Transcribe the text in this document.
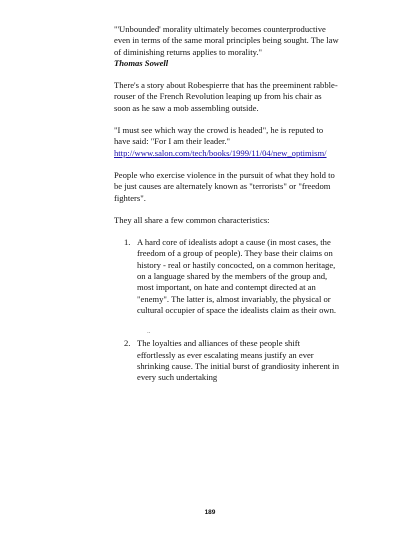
"'Unbounded' morality ultimately becomes counterproductive even in terms of the same moral principles being sought. The law of diminishing returns applies to morality."
Thomas Sowell

There's a story about Robespierre that has the preeminent rabble-rouser of the French Revolution leaping up from his chair as soon as he saw a mob assembling outside.

"I must see which way the crowd is headed", he is reputed to have said: "For I am their leader."
http://www.salon.com/tech/books/1999/11/04/new_optimism/

People who exercise violence in the pursuit of what they hold to be just causes are alternately known as "terrorists" or "freedom fighters".

They all share a few common characteristics:

1. A hard core of idealists adopt a cause (in most cases, the freedom of a group of people). They base their claims on history - real or hastily concocted, on a common heritage, on a language shared by the members of the group and, most important, on hate and contempt directed at an "enemy". The latter is, almost invariably, the physical or cultural occupier of space the idealists claim as their own.
..
2. The loyalties and alliances of these people shift effortlessly as ever escalating means justify an ever shrinking cause. The initial burst of grandiosity inherent in every such undertaking
189
